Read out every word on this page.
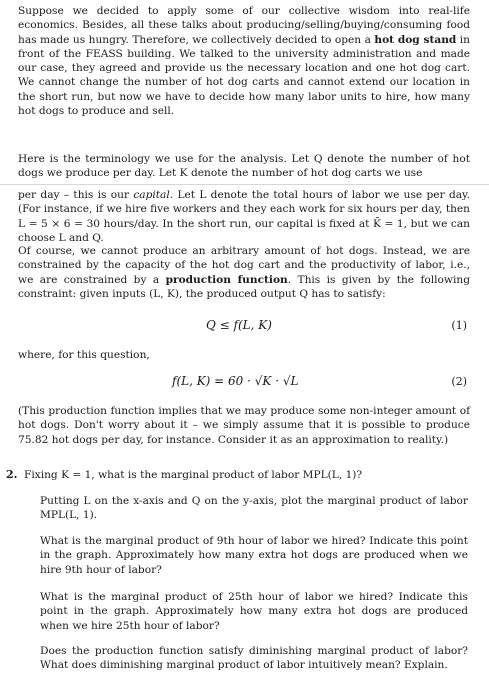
Suppose we decided to apply some of our collective wisdom into real-life economics. Besides, all these talks about producing/selling/buying/consuming food has made us hungry. Therefore, we collectively decided to open a hot dog stand in front of the FEASS building. We talked to the university administration and made our case, they agreed and provide us the necessary location and one hot dog cart. We cannot change the number of hot dog carts and cannot extend our location in the short run, but now we have to decide how many labor units to hire, how many hot dogs to produce and sell.
Here is the terminology we use for the analysis. Let Q denote the number of hot dogs we produce per day. Let K denote the number of hot dog carts we use
per day – this is our capital. Let L denote the total hours of labor we use per day. (For instance, if we hire five workers and they each work for six hours per day, then L = 5 × 6 = 30 hours/day. In the short run, our capital is fixed at K̄ = 1, but we can choose L and Q.
Of course, we cannot produce an arbitrary amount of hot dogs. Instead, we are constrained by the capacity of the hot dog cart and the productivity of labor, i.e., we are constrained by a production function. This is given by the following constraint: given inputs (L, K), the produced output Q has to satisfy:
Q ≤ f(L, K)	(1)
where, for this question,
f(L, K) = 60 · √K · √L	(2)
(This production function implies that we may produce some non-integer amount of hot dogs. Don't worry about it – we simply assume that it is possible to produce 75.82 hot dogs per day, for instance. Consider it as an approximation to reality.)
2. Fixing K = 1, what is the marginal product of labor MPL(L, 1)?
Putting L on the x-axis and Q on the y-axis, plot the marginal product of labor MPL(L, 1).
What is the marginal product of 9th hour of labor we hired? Indicate this point in the graph. Approximately how many extra hot dogs are produced when we hire 9th hour of labor?
What is the marginal product of 25th hour of labor we hired? Indicate this point in the graph. Approximately how many extra hot dogs are produced when we hire 25th hour of labor?
Does the production function satisfy diminishing marginal product of labor? What does diminishing marginal product of labor intuitively mean? Explain.
